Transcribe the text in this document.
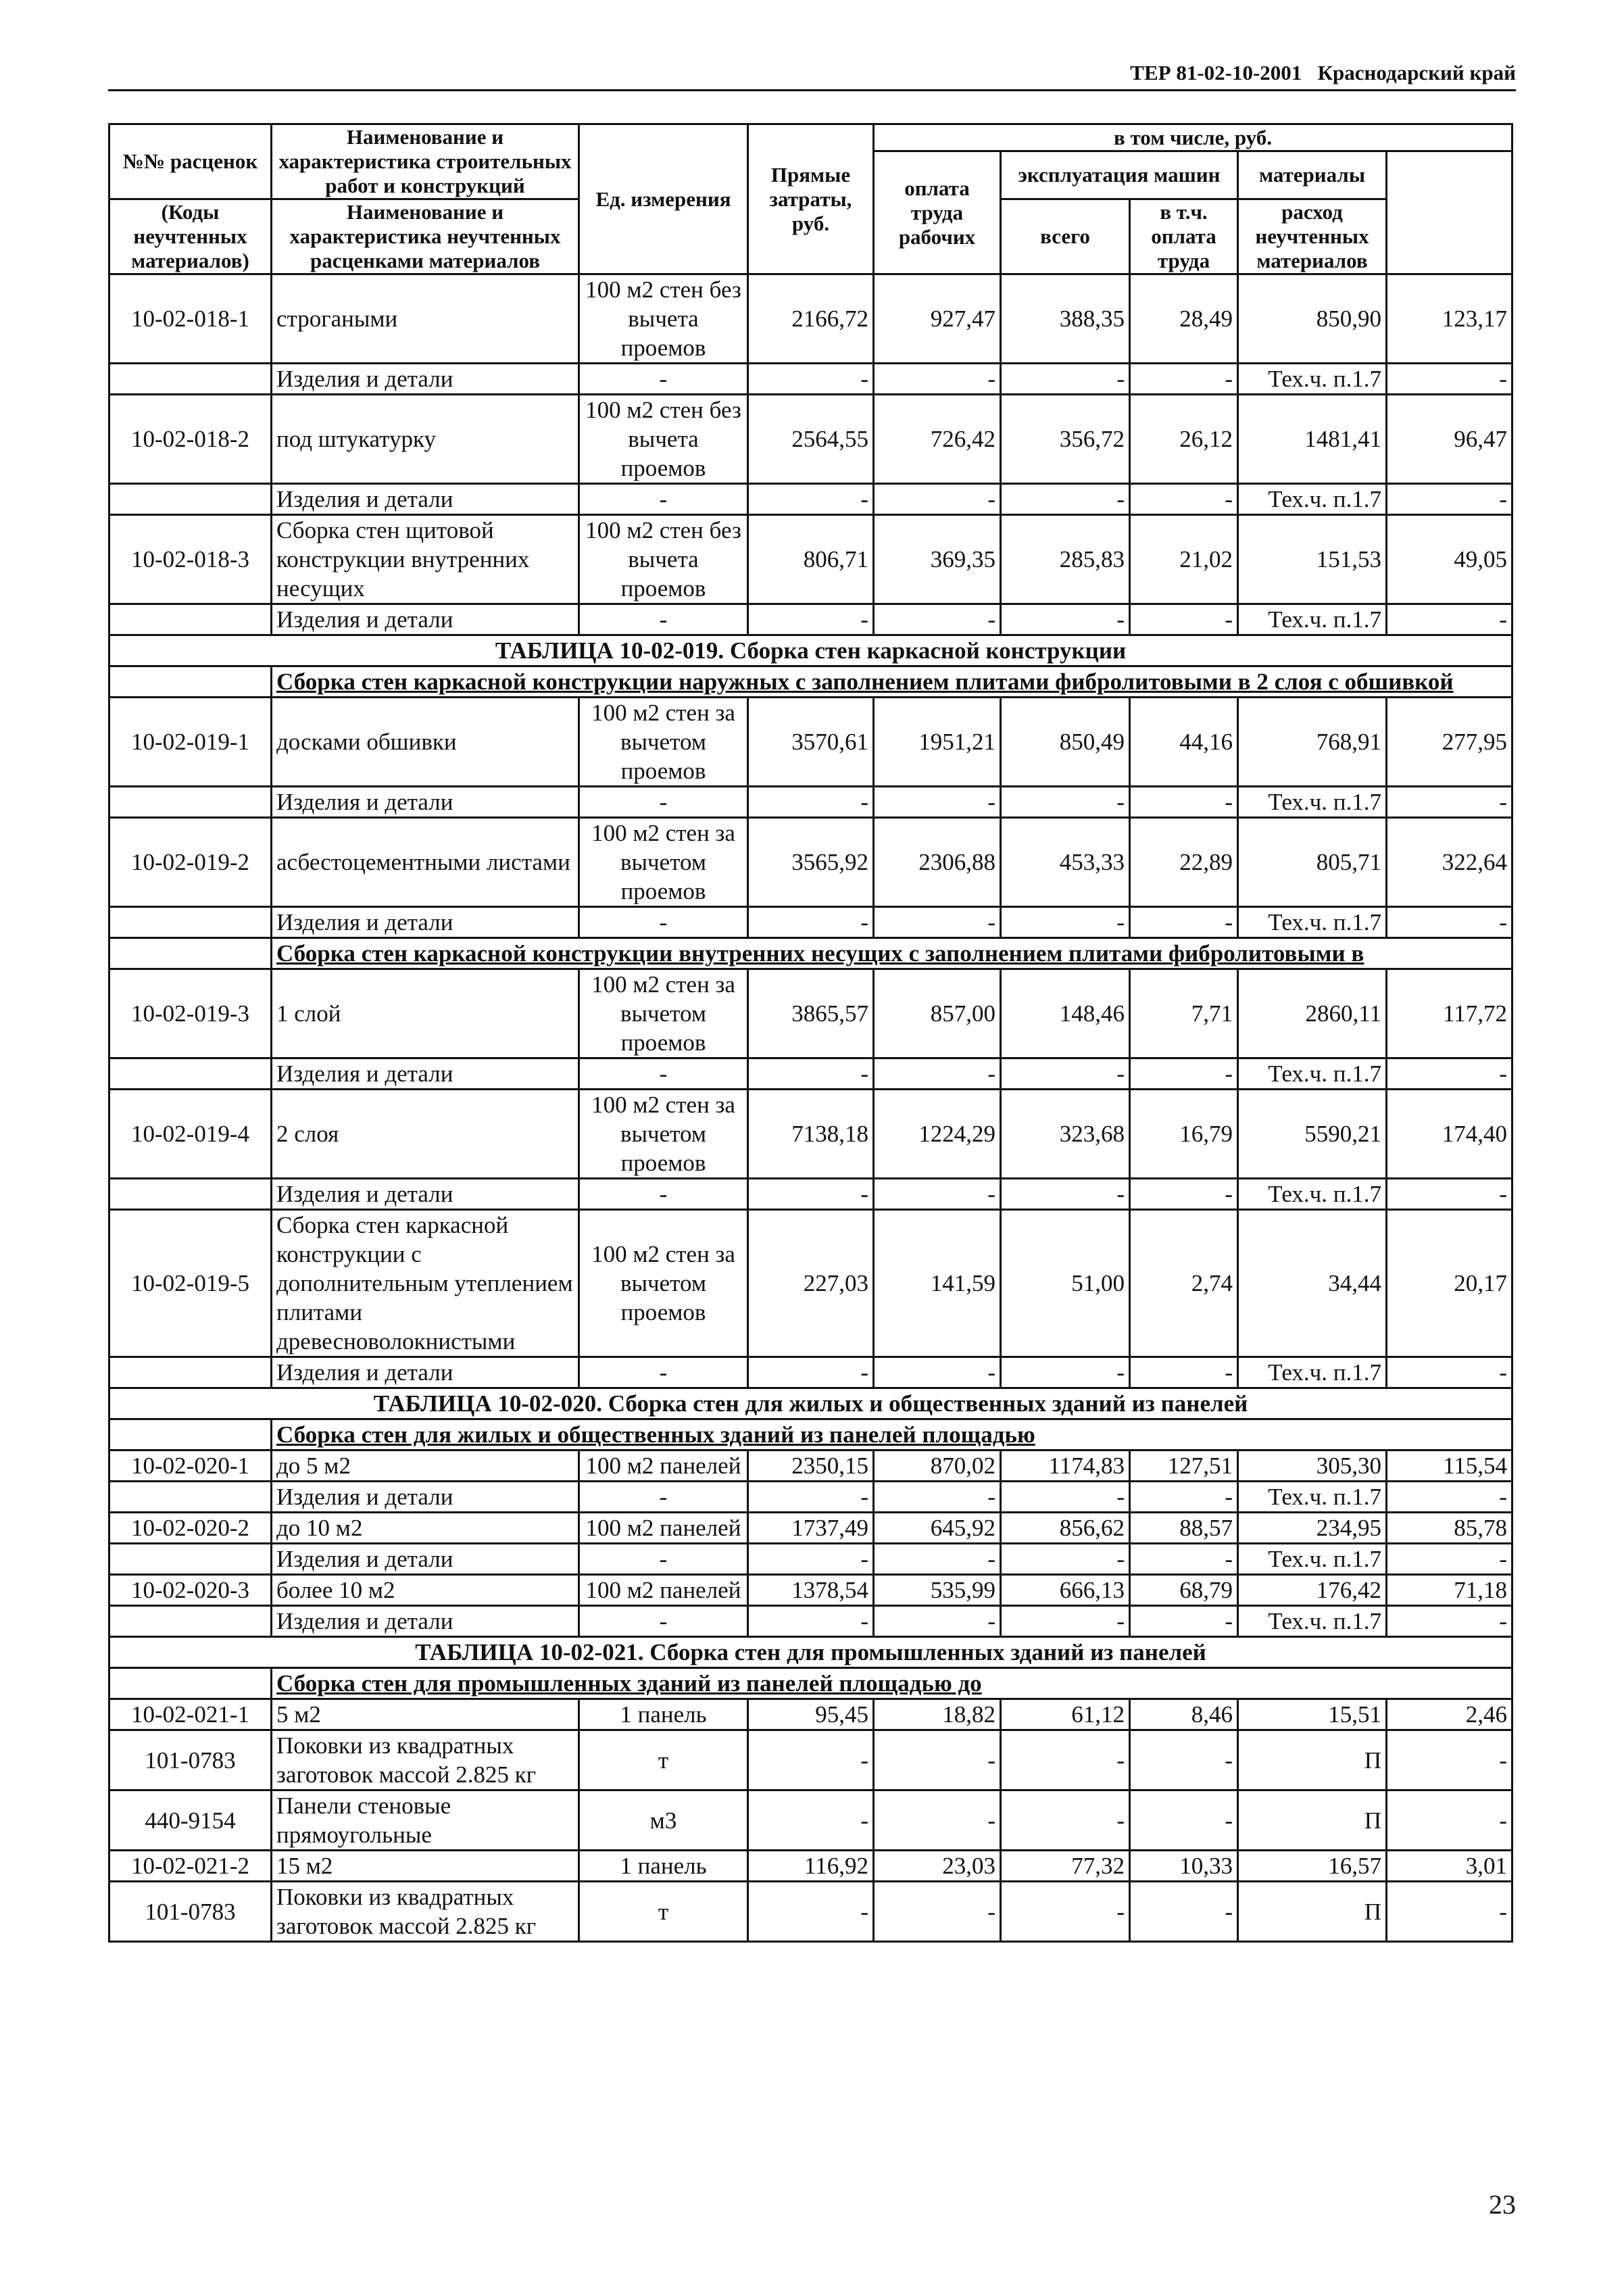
ТЕР 81-02-10-2001 Краснодарский край
№№ расценок	Наименование и характеристика строительных работ и конструкций	Ед. измерения	Прямые затраты, руб.	в том числе, руб.	
				оплата труда рабочих	эксплуатация машин		материалы		
(Коды неучтенных материалов)	Наименование и характеристика неучтенных расценками материалов				всего	в т.ч. оплата труда	расход неучтенных материалов		

10-02-018-1	строгаными	100 м2 стен без вычета проемов	2166,72	927,47	388,35	28,49	850,90	123,17	
	Изделия и детали	-	-	-	-	-	Тех.ч. п.1.7	-	
10-02-018-2	под штукатурку	100 м2 стен без вычета проемов	2564,55	726,42	356,72	26,12	1481,41	96,47	
	Изделия и детали	-	-	-	-	-	Тех.ч. п.1.7	-	
10-02-018-3	Сборка стен щитовой конструкции внутренних несущих	100 м2 стен без вычета проемов	806,71	369,35	285,83	21,02	151,53	49,05	
	Изделия и детали	-	-	-	-	-	Тех.ч. п.1.7	-	
ТАБЛИЦА 10-02-019. Сборка стен каркасной конструкции									
	Сборка стен каркасной конструкции наружных с заполнением плитами фибролитовыми в 2 слоя с обшивкой								
10-02-019-1	досками обшивки	100 м2 стен за вычетом проемов	3570,61	1951,21	850,49	44,16	768,91	277,95	
	Изделия и детали	-	-	-	-	-	Тех.ч. п.1.7	-	
10-02-019-2	асбестоцементными листами	100 м2 стен за вычетом проемов	3565,92	2306,88	453,33	22,89	805,71	322,64	
	Изделия и детали	-	-	-	-	-	Тех.ч. п.1.7	-	
	Сборка стен каркасной конструкции внутренних несущих с заполнением плитами фибролитовыми в								
10-02-019-3	1 слой	100 м2 стен за вычетом проемов	3865,57	857,00	148,46	7,71	2860,11	117,72	
	Изделия и детали	-	-	-	-	-	Тех.ч. п.1.7	-	
10-02-019-4	2 слоя	100 м2 стен за вычетом проемов	7138,18	1224,29	323,68	16,79	5590,21	174,40	
	Изделия и детали	-	-	-	-	-	Тех.ч. п.1.7	-	
10-02-019-5	Сборка стен каркасной конструкции с дополнительным утеплением плитами древесноволокнистыми	100 м2 стен за вычетом проемов	227,03	141,59	51,00	2,74	34,44	20,17	
	Изделия и детали	-	-	-	-	-	Тех.ч. п.1.7	-	
ТАБЛИЦА 10-02-020. Сборка стен для жилых и общественных зданий из панелей									
	Сборка стен для жилых и общественных зданий из панелей площадью								
10-02-020-1	до 5 м2	100 м2 панелей	2350,15	870,02	1174,83	127,51	305,30	115,54	
	Изделия и детали	-	-	-	-	-	Тех.ч. п.1.7	-	
10-02-020-2	до 10 м2	100 м2 панелей	1737,49	645,92	856,62	88,57	234,95	85,78	
	Изделия и детали	-	-	-	-	-	Тех.ч. п.1.7	-	
10-02-020-3	более 10 м2	100 м2 панелей	1378,54	535,99	666,13	68,79	176,42	71,18	
	Изделия и детали	-	-	-	-	-	Тех.ч. п.1.7	-	
ТАБЛИЦА 10-02-021. Сборка стен для промышленных зданий из панелей									
	Сборка стен для промышленных зданий из панелей площадью до								
10-02-021-1	5 м2	1 панель	95,45	18,82	61,12	8,46	15,51	2,46	
101-0783	Поковки из квадратных заготовок массой 2.825 кг	т	-	-	-	-	П	-	
440-9154	Панели стеновые прямоугольные	м3	-	-	-	-	П	-	
10-02-021-2	15 м2	1 панель	116,92	23,03	77,32	10,33	16,57	3,01	
101-0783	Поковки из квадратных заготовок массой 2.825 кг	т	-	-	-	-	П	-	
23
